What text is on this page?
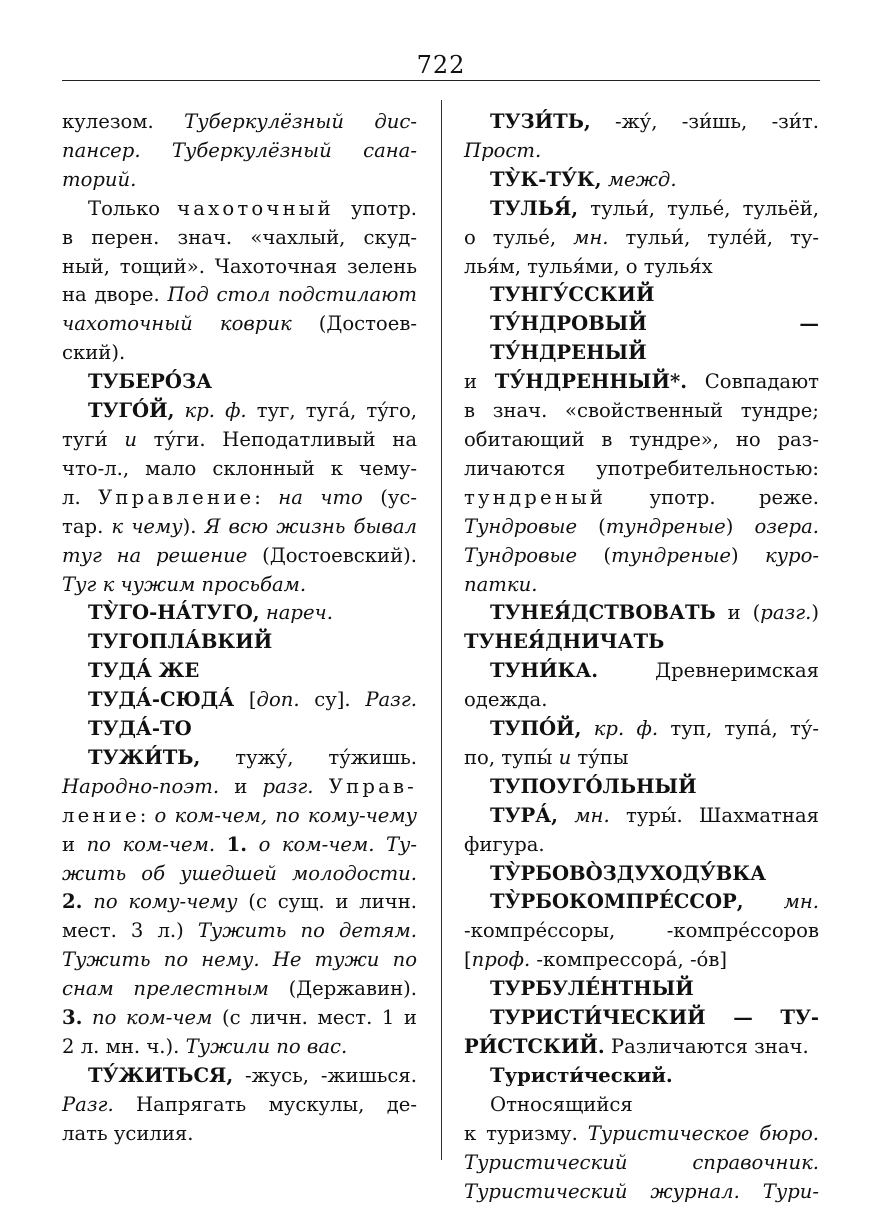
722
кулезом. Туберкулёзный дис-
пансер. Туберкулёзный сана-
торий.
Только чахоточный употр.
в перен. знач. «чахлый, скуд-
ный, тощий». Чахоточная зелень
на дворе. Под стол подстилают
чахоточный коврик (Достоев-
ский).
ТУБЕРО́ЗА
ТУГО́Й, кр. ф. туг, туга́, ту́го,
туги́ и ту́ги. Неподатливый на
что-л., мало склонный к чему-
л. Управление: на что (ус-
тар. к чему). Я всю жизнь бывал
туг на решение (Достоевский).
Туг к чужим просьбам.
ТУ̀ГО-НА́ТУГО, нареч.
ТУГОПЛА́ВКИЙ
ТУДА́ ЖЕ
ТУДА́-СЮДА́ [доп. су]. Разг.
ТУДА́-ТО
ТУЖИ́ТЬ, тужу́, ту́жишь.
Народно-поэт. и разг. Управ-
ление: о ком-чем, по кому-чему
и по ком-чем. 1. о ком-чем. Ту-
жить об ушедшей молодости.
2. по кому-чему (с сущ. и личн.
мест. 3 л.) Тужить по детям.
Тужить по нему. Не тужи по
снам прелестным (Державин).
3. по ком-чем (с личн. мест. 1 и
2 л. мн. ч.). Тужили по вас.
ТУ́ЖИТЬСЯ, -жусь, -жишься.
Разг. Напрягать мускулы, де-
лать усилия.
ТУЗИ́ТЬ, -жу́, -зи́шь, -зи́т.
Прост.
ТУ̀К-ТУ́К, межд.
ТУЛЬЯ́, тульи́, тулье́, тульёй,
о тулье́, мн. тульи́, туле́й, ту-
лья́м, тулья́ми, о тулья́х
ТУНГУ́ССКИЙ
ТУ́НДРОВЫЙ — ТУ́НДРЕНЫЙ
и ТУ́НДРЕННЫЙ*. Совпадают
в знач. «свойственный тундре;
обитающий в тундре», но раз-
личаются употребительностью:
тундреный употр. реже.
Тундровые (тундреные) озера.
Тундровые (тундреные) куро-
патки.
ТУНЕЯ́ДСТВОВАТЬ и (разг.)
ТУНЕЯ́ДНИЧАТЬ
ТУНИ́КА. Древнеримская
одежда.
ТУПО́Й, кр. ф. туп, тупа́, ту́-
по, тупы́ и ту́пы
ТУПОУГО́ЛЬНЫЙ
ТУРА́, мн. туры́. Шахматная
фигура.
ТУ̀РБОВО̀ЗДУХОДУ́ВКА
ТУ̀РБОКОМПРЕ́ССОР, мн.
-компре́ссоры, -компре́ссоров
[проф. -компрессора́, -о́в]
ТУРБУЛЕ́НТНЫЙ
ТУРИСТИ́ЧЕСКИЙ — ТУ-
РИ́СТСКИЙ. Различаются знач.
Туристи́ческий. Относящийся
к туризму. Туристическое бюро.
Туристический справочник.
Туристический журнал. Тури-
